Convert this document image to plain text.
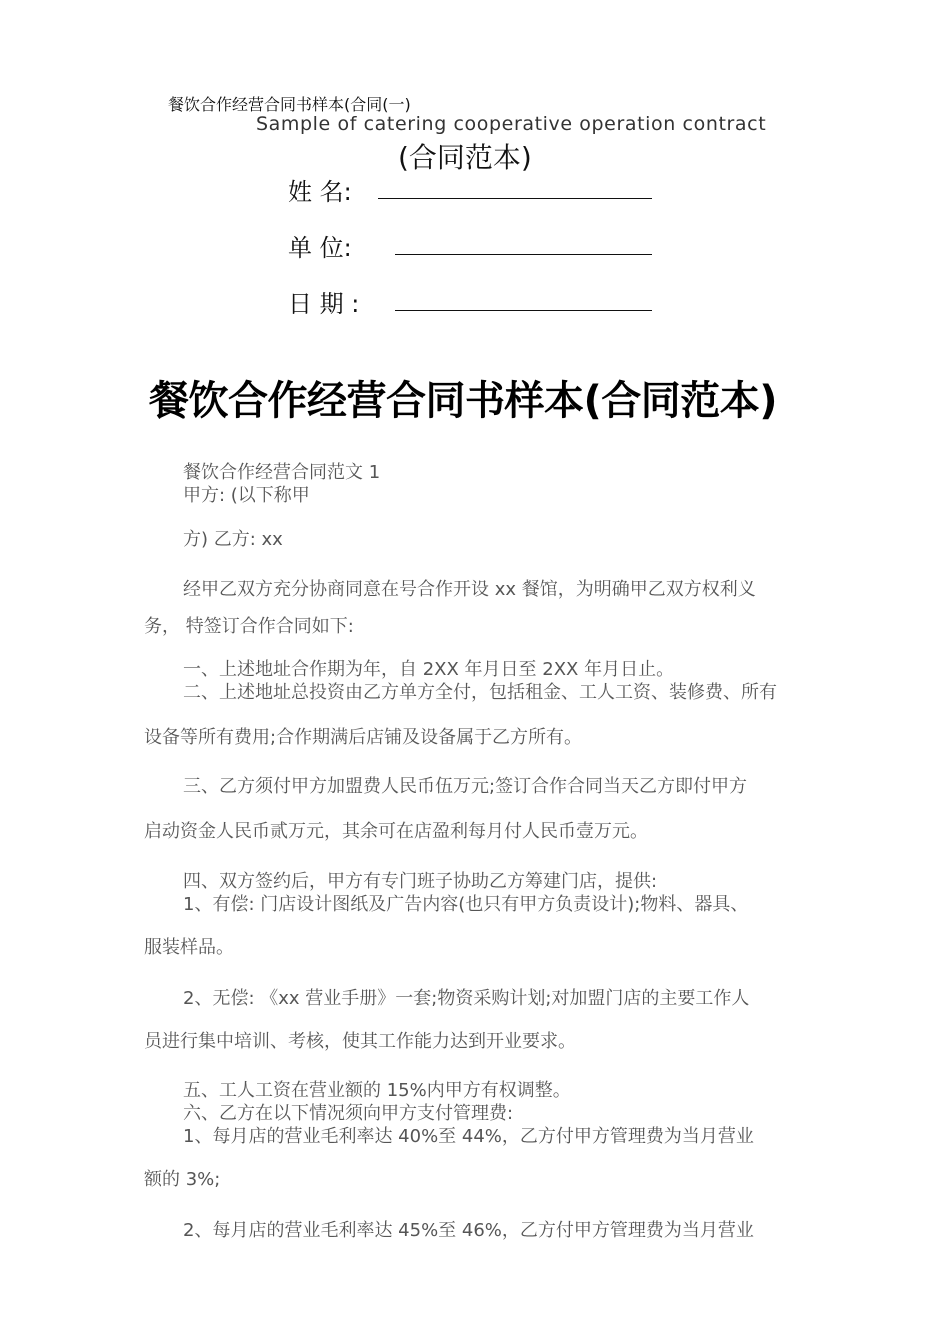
餐饮合作经营合同书样本(合同(一)
Sample of catering cooperative operation contract
(合同范本)
姓 名:
单 位:
日 期 :
餐饮合作经营合同书样本(合同范本)
餐饮合作经营合同范文 1
甲方: (以下称甲
方) 乙方: xx
经甲乙双方充分协商同意在号合作开设 xx 餐馆，为明确甲乙双方权利义
务， 特签订合作合同如下:
一、上述地址合作期为年，自 2XX 年月日至 2XX 年月日止。
二、上述地址总投资由乙方单方全付，包括租金、工人工资、装修费、所有
设备等所有费用;合作期满后店铺及设备属于乙方所有。
三、乙方须付甲方加盟费人民币伍万元;签订合作合同当天乙方即付甲方
启动资金人民币贰万元，其余可在店盈利每月付人民币壹万元。
四、双方签约后，甲方有专门班子协助乙方筹建门店，提供:
1、有偿: 门店设计图纸及广告内容(也只有甲方负责设计);物料、器具、
服装样品。
2、无偿: 《xx 营业手册》一套;物资采购计划;对加盟门店的主要工作人
员进行集中培训、考核，使其工作能力达到开业要求。
五、工人工资在营业额的 15%内甲方有权调整。
六、乙方在以下情况须向甲方支付管理费:
1、每月店的营业毛利率达 40%至 44%，乙方付甲方管理费为当月营业
额的 3%;
2、每月店的营业毛利率达 45%至 46%，乙方付甲方管理费为当月营业
